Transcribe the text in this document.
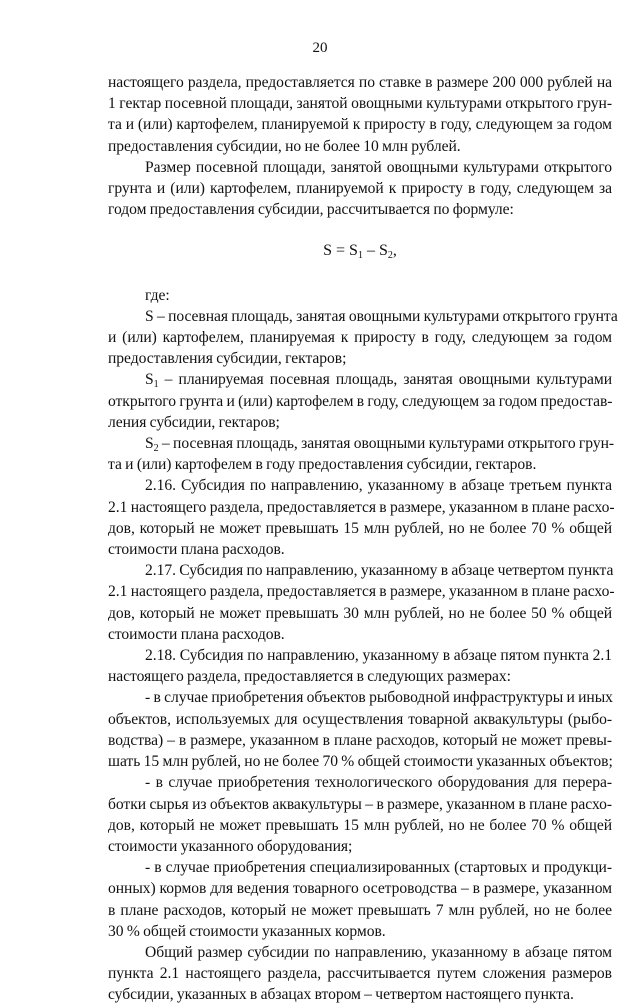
20
настоящего раздела, предоставляется по ставке в размере 200 000 рублей на
1 гектар посевной площади, занятой овощными культурами открытого грун-
та и (или) картофелем, планируемой к приросту в году, следующем за годом
предоставления субсидии, но не более 10 млн рублей.
Размер посевной площади, занятой овощными культурами открытого
грунта и (или) картофелем, планируемой к приросту в году, следующем за
годом предоставления субсидии, рассчитывается по формуле:
$S = S_1 - S_2$,
где:
S – посевная площадь, занятая овощными культурами открытого грунта
и (или) картофелем, планируемая к приросту в году, следующем за годом
предоставления субсидии, гектаров;
$S_1$ – планируемая посевная площадь, занятая овощными культурами
открытого грунта и (или) картофелем в году, следующем за годом предостав-
ления субсидии, гектаров;
$S_2$ – посевная площадь, занятая овощными культурами открытого грун-
та и (или) картофелем в году предоставления субсидии, гектаров.
2.16. Субсидия по направлению, указанному в абзаце третьем пункта
2.1 настоящего раздела, предоставляется в размере, указанном в плане расхо-
дов, который не может превышать 15 млн рублей, но не более 70 % общей
стоимости плана расходов.
2.17. Субсидия по направлению, указанному в абзаце четвертом пункта
2.1 настоящего раздела, предоставляется в размере, указанном в плане расхо-
дов, который не может превышать 30 млн рублей, но не более 50 % общей
стоимости плана расходов.
2.18. Субсидия по направлению, указанному в абзаце пятом пункта 2.1
настоящего раздела, предоставляется в следующих размерах:
- в случае приобретения объектов рыбоводной инфраструктуры и иных
объектов, используемых для осуществления товарной аквакультуры (рыбо-
водства) – в размере, указанном в плане расходов, который не может превы-
шать 15 млн рублей, но не более 70 % общей стоимости указанных объектов;
- в случае приобретения технологического оборудования для перера-
ботки сырья из объектов аквакультуры – в размере, указанном в плане расхо-
дов, который не может превышать 15 млн рублей, но не более 70 % общей
стоимости указанного оборудования;
- в случае приобретения специализированных (стартовых и продукци-
онных) кормов для ведения товарного осетроводства – в размере, указанном
в плане расходов, который не может превышать 7 млн рублей, но не более
30 % общей стоимости указанных кормов.
Общий размер субсидии по направлению, указанному в абзаце пятом
пункта 2.1 настоящего раздела, рассчитывается путем сложения размеров
субсидии, указанных в абзацах втором – четвертом настоящего пункта.
